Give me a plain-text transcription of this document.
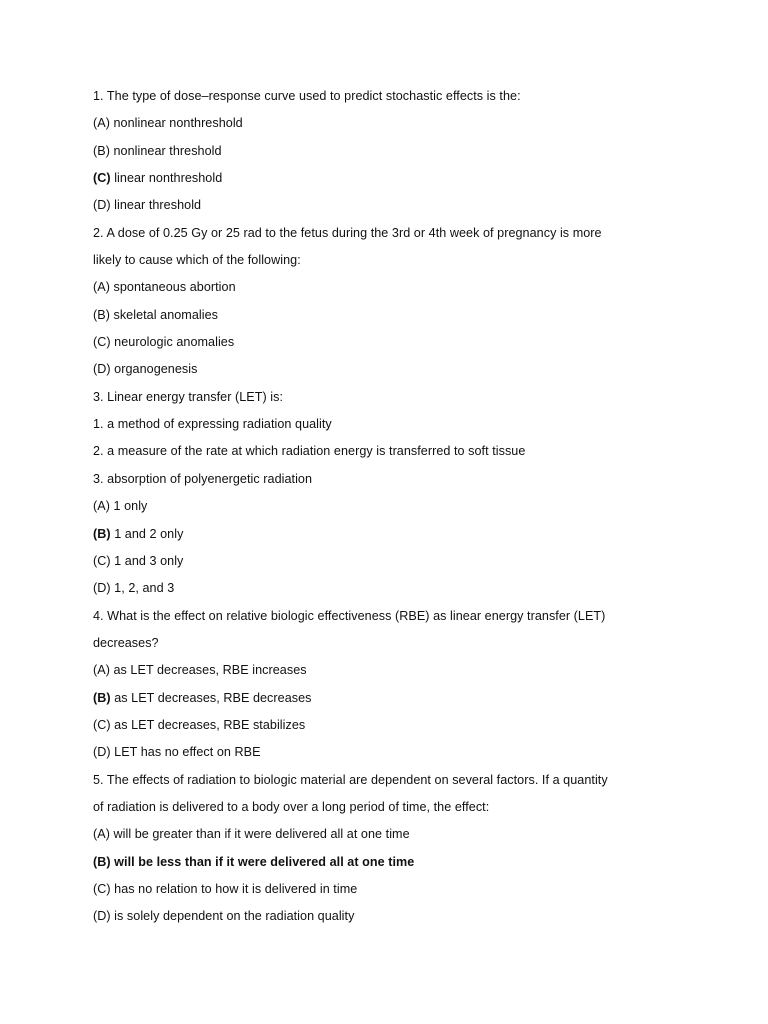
1. The type of dose–response curve used to predict stochastic effects is the:
(A) nonlinear nonthreshold
(B) nonlinear threshold
(C) linear nonthreshold
(D) linear threshold
2. A dose of 0.25 Gy or 25 rad to the fetus during the 3rd or 4th week of pregnancy is more
likely to cause which of the following:
(A) spontaneous abortion
(B) skeletal anomalies
(C) neurologic anomalies
(D) organogenesis
3. Linear energy transfer (LET) is:
1. a method of expressing radiation quality
2. a measure of the rate at which radiation energy is transferred to soft tissue
3. absorption of polyenergetic radiation
(A) 1 only
(B) 1 and 2 only
(C) 1 and 3 only
(D) 1, 2, and 3
4. What is the effect on relative biologic effectiveness (RBE) as linear energy transfer (LET)
decreases?
(A) as LET decreases, RBE increases
(B) as LET decreases, RBE decreases
(C) as LET decreases, RBE stabilizes
(D) LET has no effect on RBE
5. The effects of radiation to biologic material are dependent on several factors. If a quantity
of radiation is delivered to a body over a long period of time, the effect:
(A) will be greater than if it were delivered all at one time
(B) will be less than if it were delivered all at one time
(C) has no relation to how it is delivered in time
(D) is solely dependent on the radiation quality
